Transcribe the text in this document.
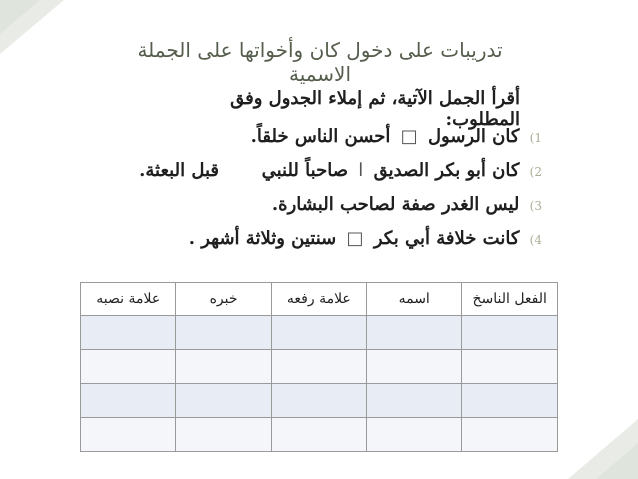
تدريبات على دخول كان وأخواتها على الجملة الاسمية
أقرأ الجمل الآتية، ثم إملاء الجدول وفق المطلوب:
1) كان الرسول □ أحسن الناس خلقاً.
2) كان أبو بكر الصديق ا صاحباً للنبي  قبل البعثة.
3) ليس الغدر صفة لصاحب البشارة.
4) كانت خلافة أبي بكر □ سنتين وثلاثة أشهر .
الفعل الناسخ	اسمه	علامة رفعه	خبره	علامة نصبه
